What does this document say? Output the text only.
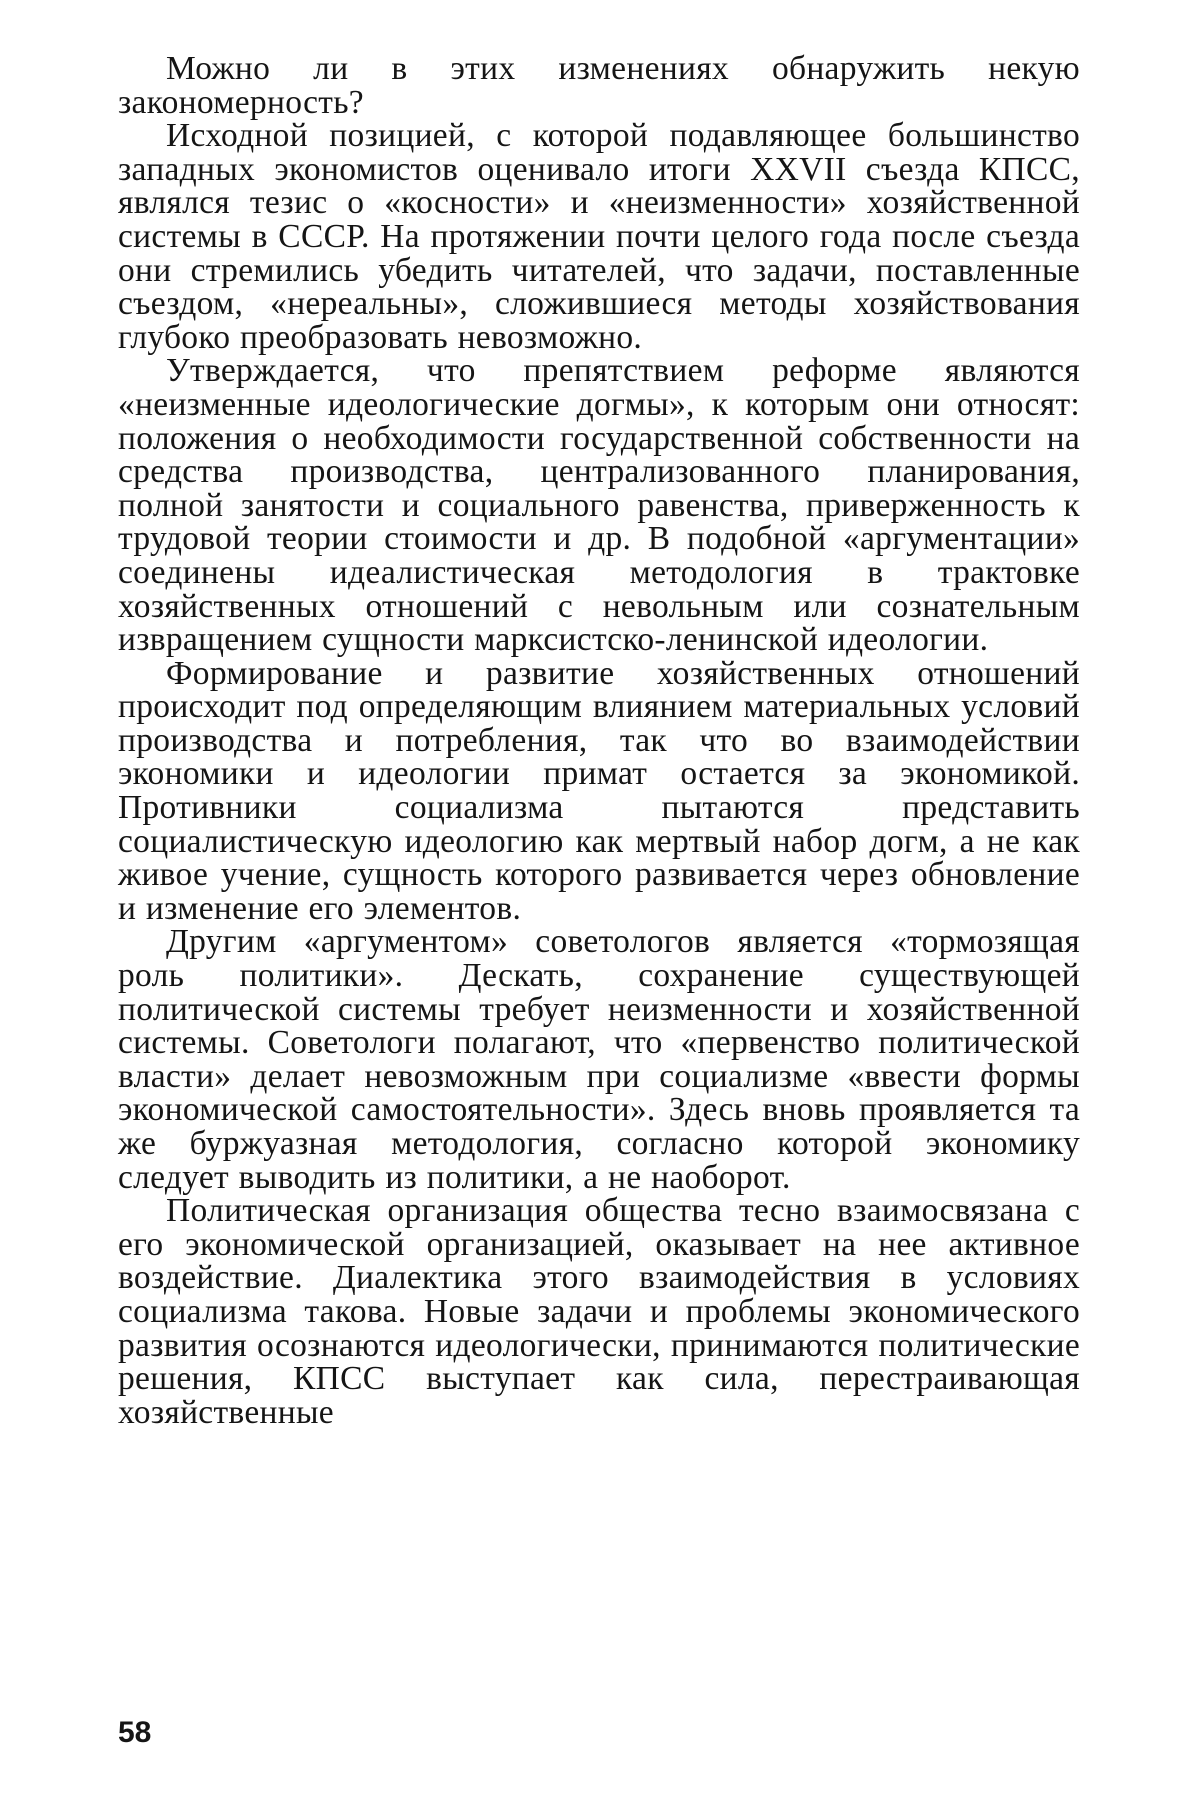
Можно ли в этих изменениях обнаружить некую закономерность?

Исходной позицией, с которой подавляющее большинство западных экономистов оценивало итоги XXVII съезда КПСС, являлся тезис о «косности» и «неизменности» хозяйственной системы в СССР. На протяжении почти целого года после съезда они стремились убедить читателей, что задачи, поставленные съездом, «нереальны», сложившиеся методы хозяйствования глубоко преобразовать невозможно.

Утверждается, что препятствием реформе являются «неизменные идеологические догмы», к которым они относят: положения о необходимости государственной собственности на средства производства, централизованного планирования, полной занятости и социального равенства, приверженность к трудовой теории стоимости и др. В подобной «аргументации» соединены идеалистическая методология в трактовке хозяйственных отношений с невольным или сознательным извращением сущности марксистско-ленинской идеологии.

Формирование и развитие хозяйственных отношений происходит под определяющим влиянием материальных условий производства и потребления, так что во взаимодействии экономики и идеологии примат остается за экономикой. Противники социализма пытаются представить социалистическую идеологию как мертвый набор догм, а не как живое учение, сущность которого развивается через обновление и изменение его элементов.

Другим «аргументом» советологов является «тормозящая роль политики». Дескать, сохранение существующей политической системы требует неизменности и хозяйственной системы. Советологи полагают, что «первенство политической власти» делает невозможным при социализме «ввести формы экономической самостоятельности». Здесь вновь проявляется та же буржуазная методология, согласно которой экономику следует выводить из политики, а не наоборот.

Политическая организация общества тесно взаимосвязана с его экономической организацией, оказывает на нее активное воздействие. Диалектика этого взаимодействия в условиях социализма такова. Новые задачи и проблемы экономического развития осознаются идеологически, принимаются политические решения, КПСС выступает как сила, перестраивающая хозяйственные

58
